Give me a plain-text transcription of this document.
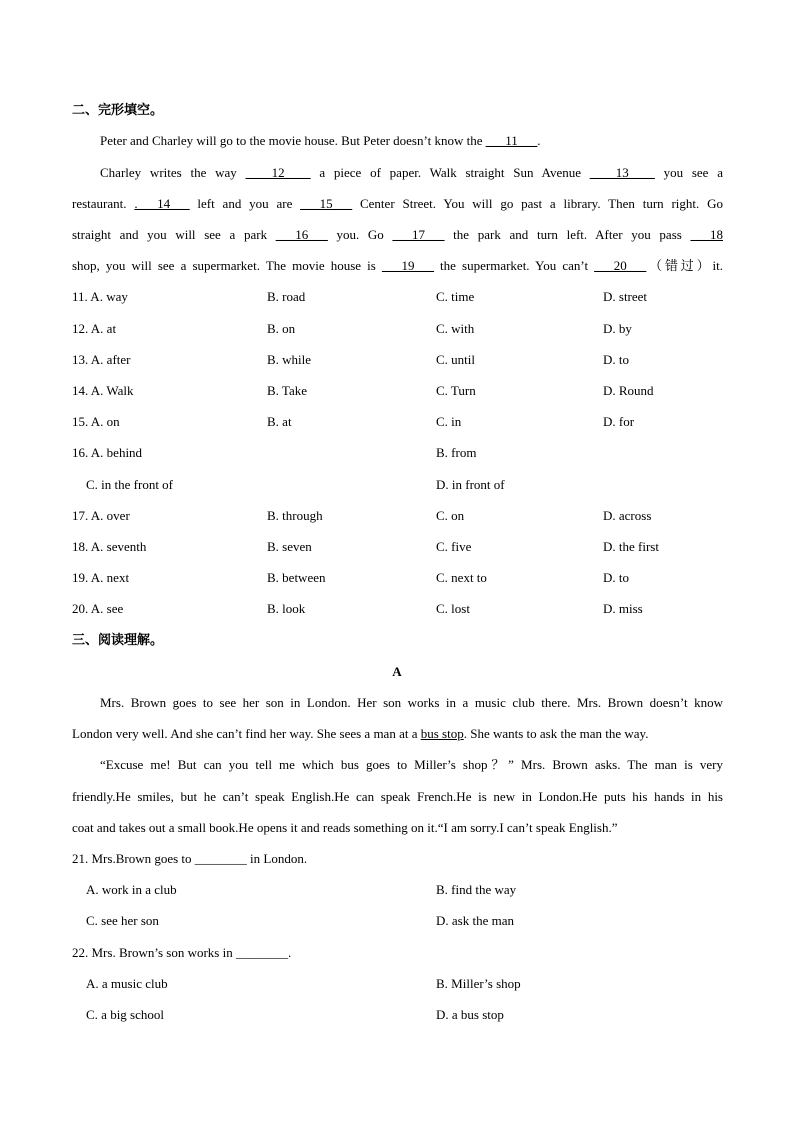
二、完形填空。
Peter and Charley will go to the movie house. But Peter doesn’t know the ___11___.
Charley writes the way ____12____ a piece of paper. Walk straight Sun Avenue ____13____ you see a
restaurant. .___14___ left and you are ___15___ Center Street. You will go past a library. Then turn right. Go
straight and you will see a park ___16___ you. Go ___17___ the park and turn left. After you pass ___18
shop, you will see a supermarket. The movie house is ___19___ the supermarket. You can’t ___20___（错过）it.
11. A. way	B. road	C. time	D. street
12. A. at	B. on	C. with	D. by
13. A. after	B. while	C. until	D. to
14. A. Walk	B. Take	C. Turn	D. Round
15. A. on	B. at	C. in	D. for
16. A. behind	B. from
C. in the front of	D. in front of
17. A. over	B. through	C. on	D. across
18. A. seventh	B. seven	C. five	D. the first
19. A. next	B. between	C. next to	D. to
20. A. see	B. look	C. lost	D. miss
三、阅读理解。
A
Mrs. Brown goes to see her son in London. Her son works in a music club there. Mrs. Brown doesn’t know
London very well. And she can’t find her way. She sees a man at a bus stop. She wants to ask the man the way.
“Excuse me! But can you tell me which bus goes to Miller’s shop？” Mrs. Brown asks. The man is very
friendly.He smiles, but he can’t speak English.He can speak French.He is new in London.He puts his hands in his
coat and takes out a small book.He opens it and reads something on it.“I am sorry.I can’t speak English.”
21. Mrs.Brown goes to ________ in London.
A. work in a club	B. find the way
C. see her son	D. ask the man
22. Mrs. Brown’s son works in ________.
A. a music club	B. Miller’s shop
C. a big school	D. a bus stop
